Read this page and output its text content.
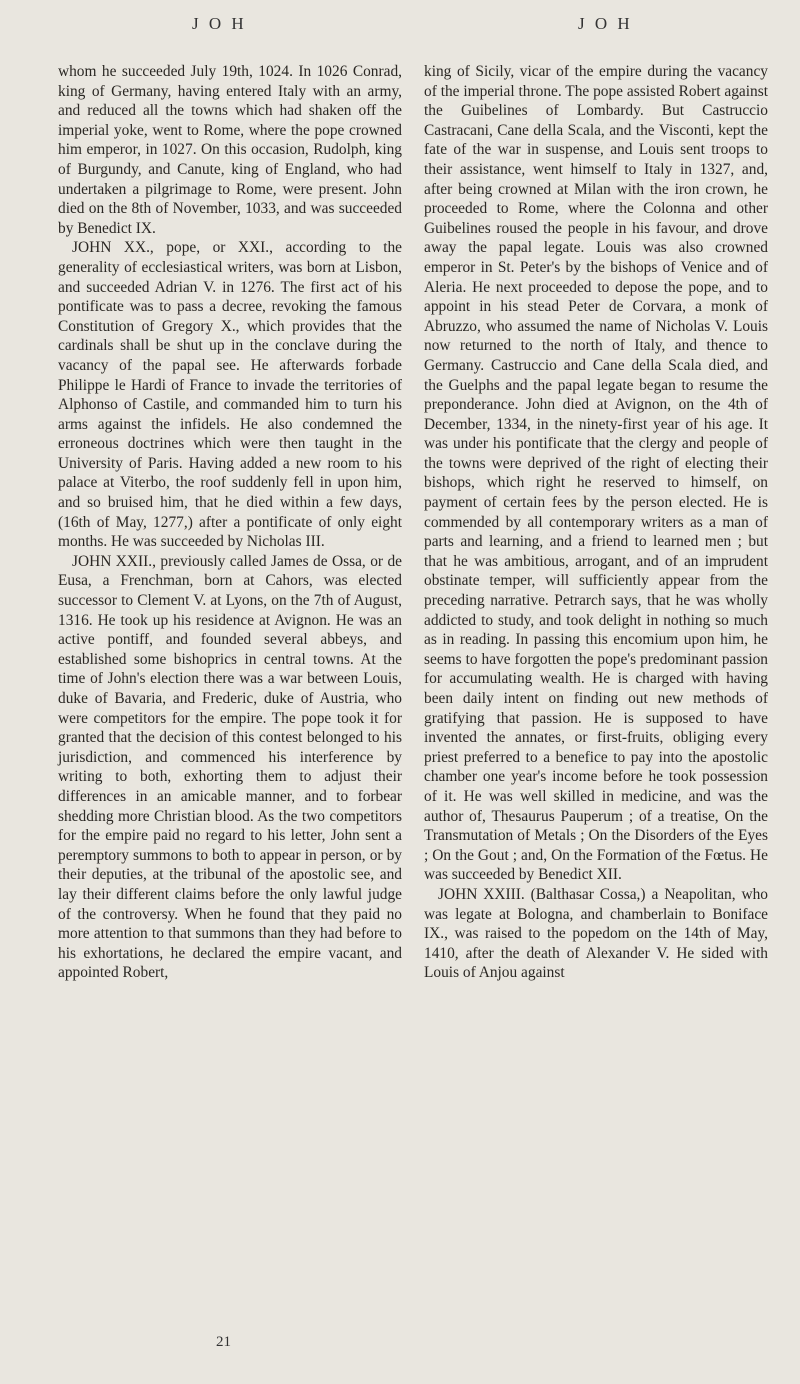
J O H	J O H

whom he succeeded July 19th, 1024. In 1026 Conrad, king of Germany, having entered Italy with an army, and reduced all the towns which had shaken off the imperial yoke, went to Rome, where the pope crowned him emperor, in 1027. On this occasion, Rudolph, king of Burgundy, and Canute, king of England, who had undertaken a pilgrimage to Rome, were present. John died on the 8th of November, 1033, and was succeeded by Benedict IX.

JOHN XX., pope, or XXI., according to the generality of ecclesiastical writers, was born at Lisbon, and succeeded Adrian V. in 1276. The first act of his pontificate was to pass a decree, revoking the famous Constitution of Gregory X., which provides that the cardinals shall be shut up in the conclave during the vacancy of the papal see. He afterwards forbade Philippe le Hardi of France to invade the territories of Alphonso of Castile, and commanded him to turn his arms against the infidels. He also condemned the erroneous doctrines which were then taught in the University of Paris. Having added a new room to his palace at Viterbo, the roof suddenly fell in upon him, and so bruised him, that he died within a few days, (16th of May, 1277,) after a pontificate of only eight months. He was succeeded by Nicholas III.

JOHN XXII., previously called James de Ossa, or de Eusa, a Frenchman, born at Cahors, was elected successor to Clement V. at Lyons, on the 7th of August, 1316. He took up his residence at Avignon. He was an active pontiff, and founded several abbeys, and established some bishoprics in central towns. At the time of John's election there was a war between Louis, duke of Bavaria, and Frederic, duke of Austria, who were competitors for the empire. The pope took it for granted that the decision of this contest belonged to his jurisdiction, and commenced his interference by writing to both, exhorting them to adjust their differences in an amicable manner, and to forbear shedding more Christian blood. As the two competitors for the empire paid no regard to his letter, John sent a peremptory summons to both to appear in person, or by their deputies, at the tribunal of the apostolic see, and lay their different claims before the only lawful judge of the controversy. When he found that they paid no more attention to that summons than they had before to his exhortations, he declared the empire vacant, and appointed Robert,

king of Sicily, vicar of the empire during the vacancy of the imperial throne. The pope assisted Robert against the Guibelines of Lombardy. But Castruccio Castracani, Cane della Scala, and the Visconti, kept the fate of the war in suspense, and Louis sent troops to their assistance, went himself to Italy in 1327, and, after being crowned at Milan with the iron crown, he proceeded to Rome, where the Colonna and other Guibelines roused the people in his favour, and drove away the papal legate. Louis was also crowned emperor in St. Peter's by the bishops of Venice and of Aleria. He next proceeded to depose the pope, and to appoint in his stead Peter de Corvara, a monk of Abruzzo, who assumed the name of Nicholas V. Louis now returned to the north of Italy, and thence to Germany. Castruccio and Cane della Scala died, and the Guelphs and the papal legate began to resume the preponderance. John died at Avignon, on the 4th of December, 1334, in the ninety-first year of his age. It was under his pontificate that the clergy and people of the towns were deprived of the right of electing their bishops, which right he reserved to himself, on payment of certain fees by the person elected. He is commended by all contemporary writers as a man of parts and learning, and a friend to learned men ; but that he was ambitious, arrogant, and of an imprudent obstinate temper, will sufficiently appear from the preceding narrative. Petrarch says, that he was wholly addicted to study, and took delight in nothing so much as in reading. In passing this encomium upon him, he seems to have forgotten the pope's predominant passion for accumulating wealth. He is charged with having been daily intent on finding out new methods of gratifying that passion. He is supposed to have invented the annates, or first-fruits, obliging every priest preferred to a benefice to pay into the apostolic chamber one year's income before he took possession of it. He was well skilled in medicine, and was the author of, Thesaurus Pauperum ; of a treatise, On the Transmutation of Metals ; On the Disorders of the Eyes ; On the Gout ; and, On the Formation of the Fœtus. He was succeeded by Benedict XII.

JOHN XXIII. (Balthasar Cossa,) a Neapolitan, who was legate at Bologna, and chamberlain to Boniface IX., was raised to the popedom on the 14th of May, 1410, after the death of Alexander V. He sided with Louis of Anjou against

21
